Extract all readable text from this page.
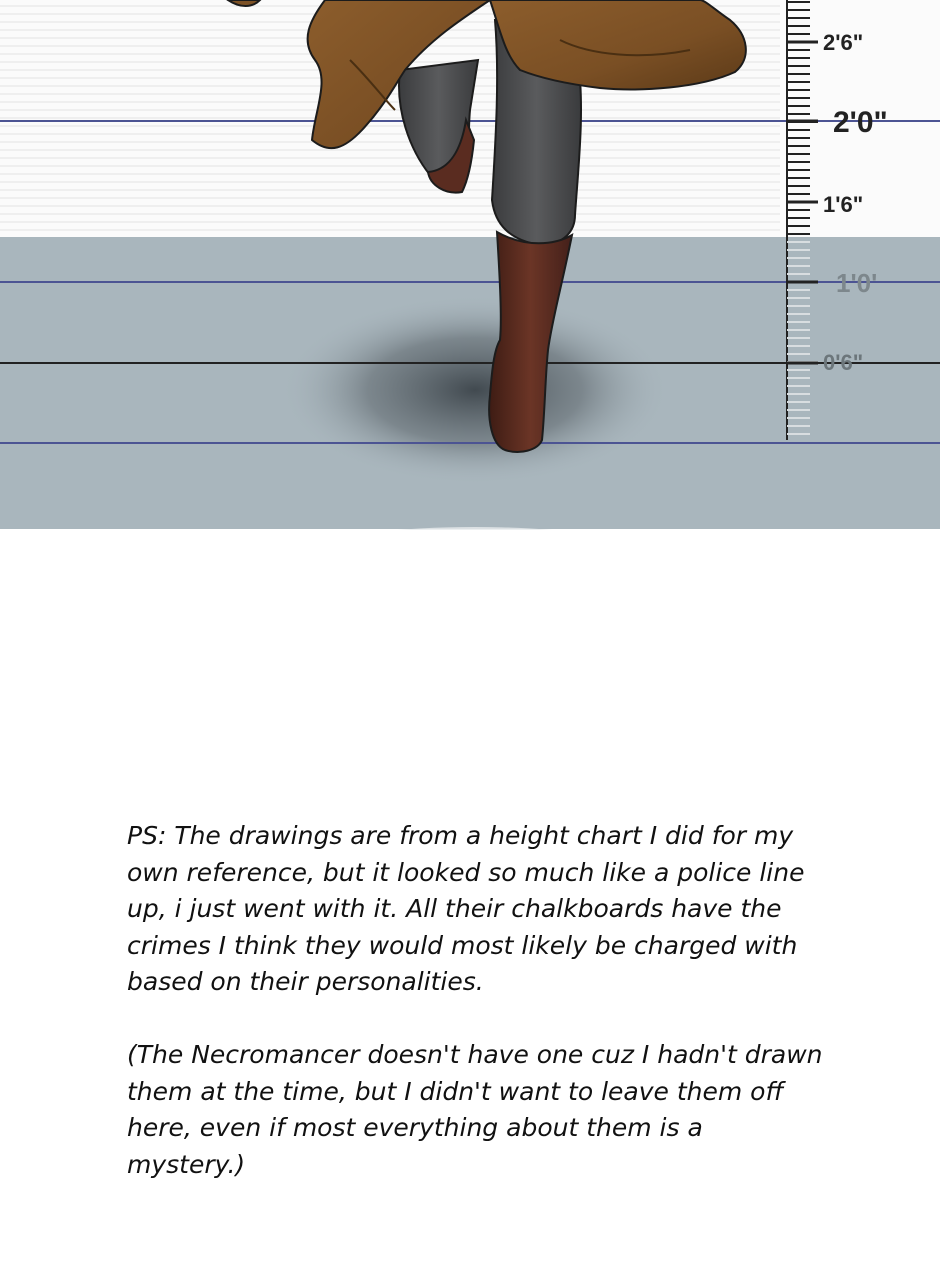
2'6"
2'0"
1'6"
1'0'
0'6"

PS: The drawings are from a height chart I did for my own reference, but it looked so much like a police line up, i just went with it. All their chalkboards have the crimes I think they would most likely be charged with based on their personalities.

(The Necromancer doesn't have one cuz I hadn't drawn them at the time, but I didn't want to leave them off here, even if most everything about them is a mystery.)
